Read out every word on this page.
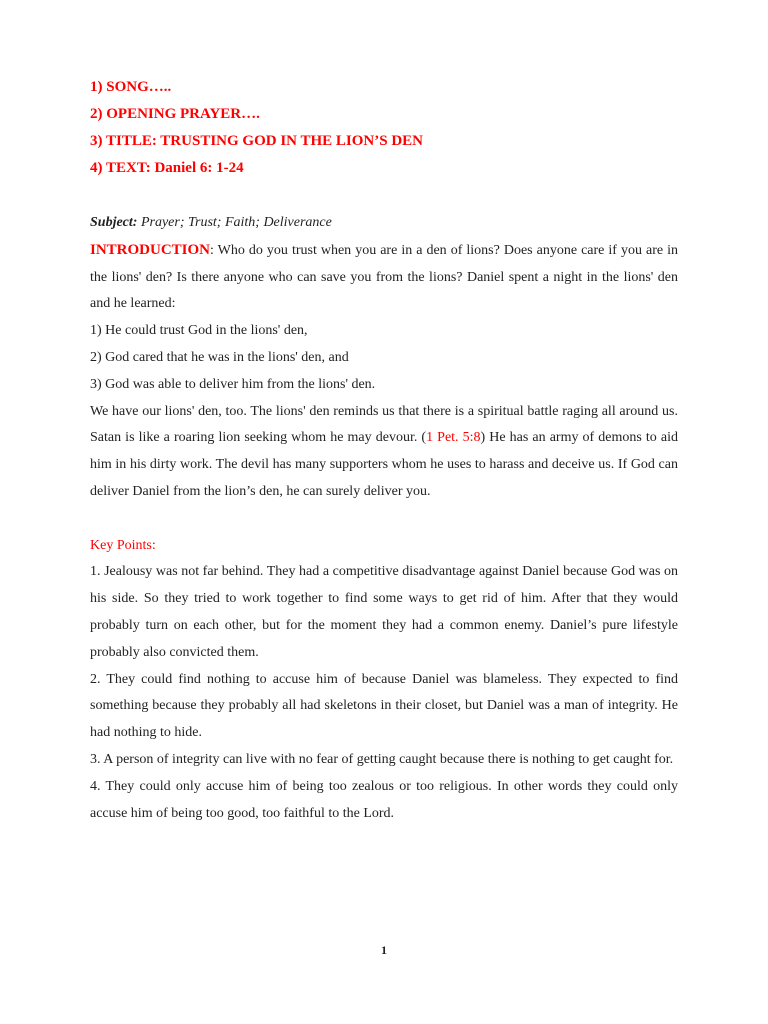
1) SONG…..
2) OPENING PRAYER….
3) TITLE: TRUSTING GOD IN THE LION’S DEN
4) TEXT: Daniel 6: 1-24

Subject: Prayer; Trust; Faith; Deliverance

INTRODUCTION: Who do you trust when you are in a den of lions? Does anyone care if you are in the lions' den? Is there anyone who can save you from the lions? Daniel spent a night in the lions' den and he learned:

1) He could trust God in the lions' den,

2) God cared that he was in the lions' den, and

3) God was able to deliver him from the lions' den.

We have our lions' den, too. The lions' den reminds us that there is a spiritual battle raging all around us. Satan is like a roaring lion seeking whom he may devour. (1 Pet. 5:8) He has an army of demons to aid him in his dirty work. The devil has many supporters whom he uses to harass and deceive us. If God can deliver Daniel from the lion’s den, he can surely deliver you.

Key Points:

1. Jealousy was not far behind. They had a competitive disadvantage against Daniel because God was on his side. So they tried to work together to find some ways to get rid of him. After that they would probably turn on each other, but for the moment they had a common enemy. Daniel’s pure lifestyle probably also convicted them.

2. They could find nothing to accuse him of because Daniel was blameless. They expected to find something because they probably all had skeletons in their closet, but Daniel was a man of integrity. He had nothing to hide.

3. A person of integrity can live with no fear of getting caught because there is nothing to get caught for.

4. They could only accuse him of being too zealous or too religious. In other words they could only accuse him of being too good, too faithful to the Lord.

1
